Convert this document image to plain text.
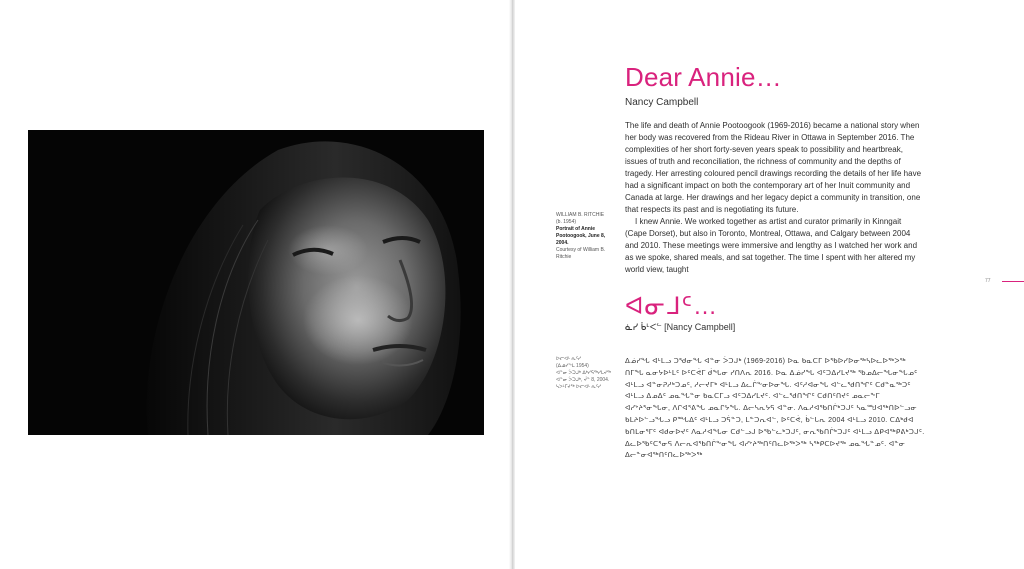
WILLIAM B. RITCHIE
(b. 1954)
Portrait of Annie Pootoogook, June 8, 2004.
Courtesy of William B. Ritchie
ᐅᓕᐊᒻ ᕆᑦᓯ
(ᐃᓅᓯᖓ 1954)
ᐊᓐᓂ ᐴᑐᒍᒃ ᐃᒃᓯᕋᖅᓯᒪᔪᖅ
ᐊᓐᓂ ᐴᑐᒍᒃ, ᔫᓐ 8, 2004.
ᓴᐳᒻᒥᔪᖅ ᐅᓕᐊᒻ ᕆᑦᓯ
Dear Annie…
Nancy Campbell

The life and death of Annie Pootoogook (1969-2016) became a national story when her body was recovered from the Rideau River in Ottawa in September 2016. The complexities of her short forty-seven years speak to possibility and heartbreak, issues of truth and reconciliation, the richness of community and the depths of tragedy. Her arresting coloured pencil drawings recording the details of her life have had a significant impact on both the contemporary art of her Inuit community and Canada at large. Her drawings and her legacy depict a community in transition, one that respects its past and is negotiating its future.

I knew Annie. We worked together as artist and curator primarily in Kinngait (Cape Dorset), but also in Toronto, Montreal, Ottawa, and Calgary between 2004 and 2010. These meetings were immersive and lengthy as I watched her work and as we spoke, shared meals, and sat together. The time I spent with her altered my world view, taught

77
ᐊᓂᒧᑦ…
ᓈᓯ ᑳᒻᐸᓪ [Nancy Campbell]
ᐃᓅᓯᖓ ᐊᒻᒪᓗ ᑐᖁᓂᖓ ᐊᓐᓂ ᐴᑐᒍᒃ (1969-2016) ᐅᓇ ᑲᓇᑕᒥ ᐅᖃᐅᓯᐅᓂᖅᓴᐅᓚᐅᖅᐳᖅ ᑎᒥᖓ ᓇᓂᔭᐅᒻᒪᑦ ᐅᑦᑕᕚᒥ ᑰᖓᓂ ᓯᑎᐱᕆ 2016. ᐅᓇ ᐃᓅᓯᖓ ᐊᑦᑐᐃᓯᒪᔪᖅ ᖃᓄᐃᓕᖓᓂᖓᓄᑦ ᐊᒻᒪᓗ ᐊᓐᓂᕈᓱᒃᑐᓄᑦ, ᓱᓕᔪᒥᒃ ᐊᒻᒪᓗ ᐃᓚᒌᖕᓂᐅᓂᖓ. ᐊᑦᓱᐊᓂᖓ ᐊᓪᓚᖁᑎᖏᑦ ᑕᑯᓐᓇᖅᑐᑦ ᐊᒻᒪᓗ ᐃᓄᐃᑦ ᓄᓇᖓᓐᓂ ᑲᓇᑕᒥᓗ ᐊᑦᑐᐃᓯᒪᔪᑦ. ᐊᓪᓚᖁᑎᖏᑦ ᑕᑯᑎᑦᑎᔪᑦ ᓄᓇᓕᖕᒥ ᐊᓯᔾᔨᕐᓂᖓᓂ, ᐱᒋᐊᕐᕕᖓ ᓄᓇᒋᔭᖓ. ᐃᓕᓴᕆᔭᕋ ᐊᓐᓂ. ᐱᓇᓱᐊᖃᑎᒌᒃᑐᒍᑦ ᓴᓇᙳᐊᖅᑎᐅᓪᓗᓂ ᑲᒪᔨᐅᓪᓗᖓᓗ ᑭᙵᐃᑦ ᐊᒻᒪᓗ ᑐᕌᓐᑐ, ᒪᓐᑐᕆᐊᓪ, ᐅᑦᑕᕚ, ᑳᓪᒐᕆ 2004 ᐊᒻᒪᓗ 2010. ᑕᐃᒃᑯᐊ ᑲᑎᒪᓂᕐᒥᑦ ᐊᑯᓂᐅᔪᑦ ᐱᓇᓱᐊᖓᓂ ᑕᑯᓪᓗᒍ ᐅᖃᓪᓚᒃᑐᒍᑦ, ᓂᕆᖃᑎᒌᒃᑐᒍᑦ ᐊᒻᒪᓗ ᐃᑭᐊᖅᑭᕕᒃᑐᒍᑦ. ᐃᓚᐅᖃᑦᑕᕐᓂᕋ ᐱᓕᕆᐊᖃᑎᒌᖕᓂᖓ ᐊᓯᔾᔨᖅᑎᑦᑎᓚᐅᖅᐳᖅ ᓴᖅᑭᑕᐅᔪᖅ ᓄᓇᖓᓐᓄᑦ. ᐊᓐᓂ ᐃᓕᓐᓂᐊᖅᑎᑦᑎᓚᐅᖅᐳᖅ
